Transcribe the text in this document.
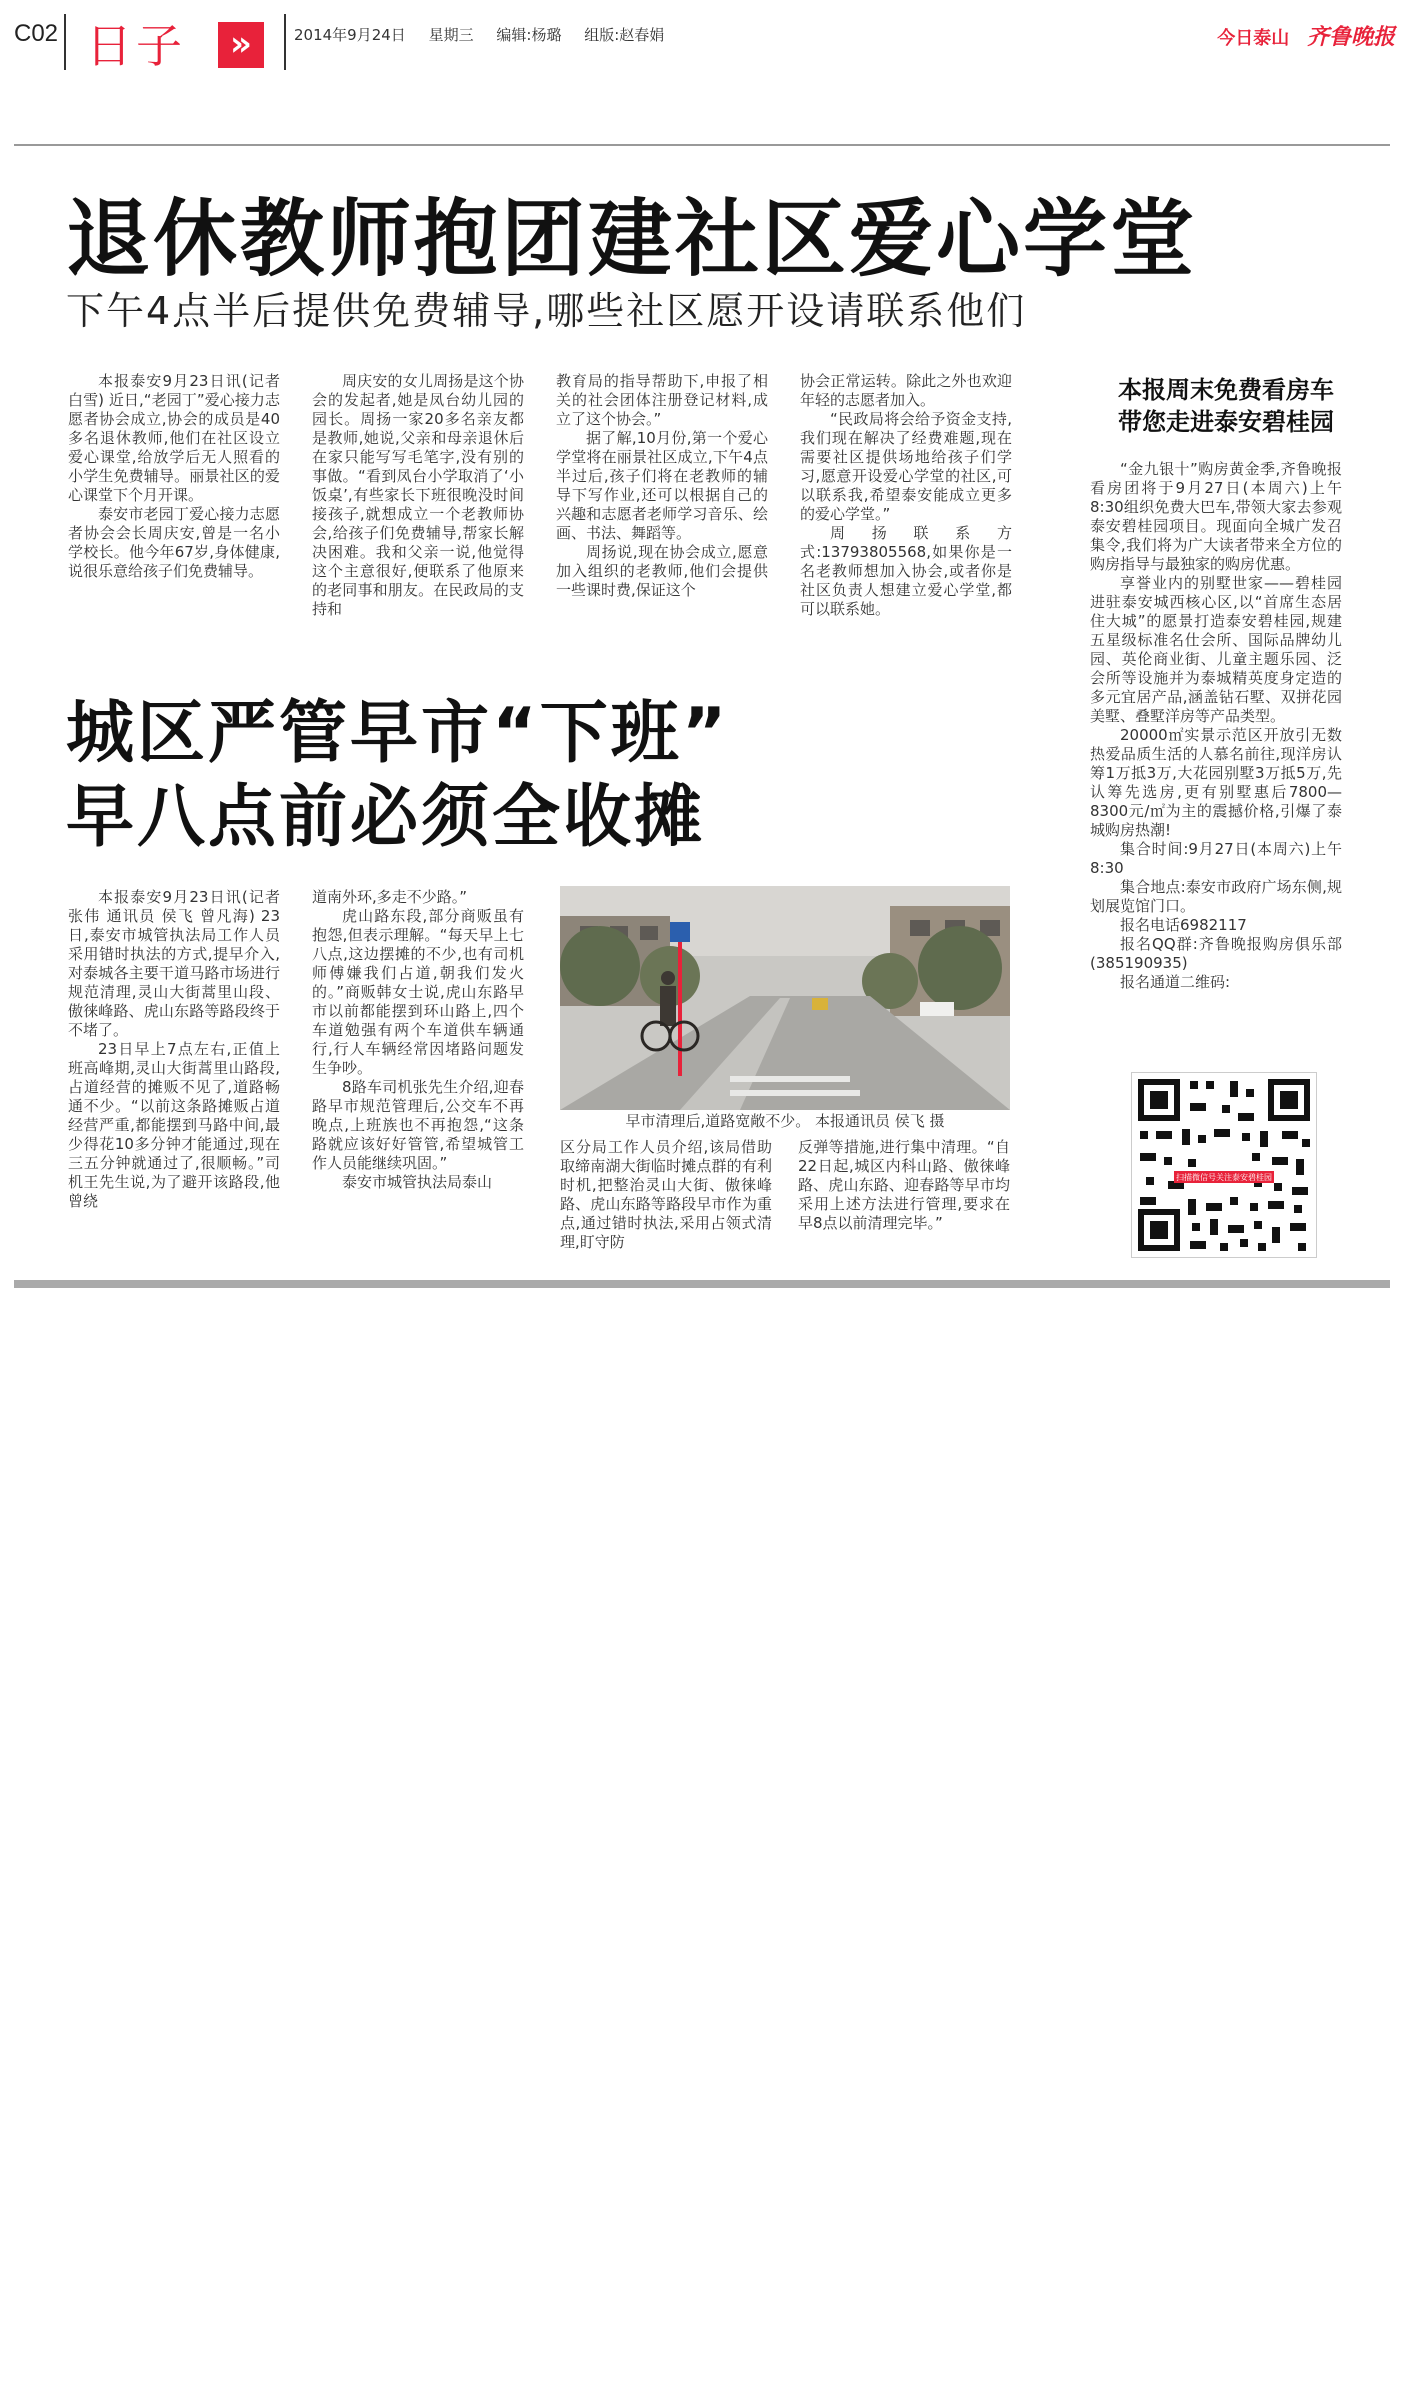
C02 日子	»	2014年9月24日 星期三 编辑:杨璐 组版:赵春娟	今日泰山 齐鲁晚报
退休教师抱团建社区爱心学堂
下午4点半后提供免费辅导,哪些社区愿开设请联系他们

本报泰安9月23日讯(记者 白雪) 近日,“老园丁”爱心接力志愿者协会成立,协会的成员是40多名退休教师,他们在社区设立爱心课堂,给放学后无人照看的小学生免费辅导。丽景社区的爱心课堂下个月开课。

泰安市老园丁爱心接力志愿者协会会长周庆安,曾是一名小学校长。他今年67岁,身体健康,说很乐意给孩子们免费辅导。

周庆安的女儿周扬是这个协会的发起者,她是凤台幼儿园的园长。周扬一家20多名亲友都是教师,她说,父亲和母亲退休后在家只能写写毛笔字,没有别的事做。“看到凤台小学取消了‘小饭桌’,有些家长下班很晚没时间接孩子,就想成立一个老教师协会,给孩子们免费辅导,帮家长解决困难。我和父亲一说,他觉得这个主意很好,便联系了他原来的老同事和朋友。在民政局的支持和

教育局的指导帮助下,申报了相关的社会团体注册登记材料,成立了这个协会。”

据了解,10月份,第一个爱心学堂将在丽景社区成立,下午4点半过后,孩子们将在老教师的辅导下写作业,还可以根据自己的兴趣和志愿者老师学习音乐、绘画、书法、舞蹈等。

周扬说,现在协会成立,愿意加入组织的老教师,他们会提供一些课时费,保证这个

协会正常运转。除此之外也欢迎年轻的志愿者加入。

“民政局将会给予资金支持,我们现在解决了经费难题,现在需要社区提供场地给孩子们学习,愿意开设爱心学堂的社区,可以联系我,希望泰安能成立更多的爱心学堂。”

周扬联系方式:13793805568,如果你是一名老教师想加入协会,或者你是社区负责人想建立爱心学堂,都可以联系她。

城区严管早市“下班”
早八点前必须全收摊

本报泰安9月23日讯(记者 张伟 通讯员 侯飞 曾凡海) 23日,泰安市城管执法局工作人员采用错时执法的方式,提早介入,对泰城各主要干道马路市场进行规范清理,灵山大街蒿里山段、傲徕峰路、虎山东路等路段终于不堵了。

23日早上7点左右,正值上班高峰期,灵山大街蒿里山路段,占道经营的摊贩不见了,道路畅通不少。“以前这条路摊贩占道经营严重,都能摆到马路中间,最少得花10多分钟才能通过,现在三五分钟就通过了,很顺畅。”司机王先生说,为了避开该路段,他曾绕

道南外环,多走不少路。”

虎山路东段,部分商贩虽有抱怨,但表示理解。“每天早上七八点,这边摆摊的不少,也有司机师傅嫌我们占道,朝我们发火的。”商贩韩女士说,虎山东路早市以前都能摆到环山路上,四个车道勉强有两个车道供车辆通行,行人车辆经常因堵路问题发生争吵。

8路车司机张先生介绍,迎春路早市规范管理后,公交车不再晚点,上班族也不再抱怨,“这条路就应该好好管管,希望城管工作人员能继续巩固。”

泰安市城管执法局泰山

早市清理后,道路宽敞不少。 本报通讯员 侯飞 摄

区分局工作人员介绍,该局借助取缔南湖大街临时摊点群的有利时机,把整治灵山大街、傲徕峰路、虎山东路等路段早市作为重点,通过错时执法,采用占领式清理,盯守防

反弹等措施,进行集中清理。“自22日起,城区内科山路、傲徕峰路、虎山东路、迎春路等早市均采用上述方法进行管理,要求在早8点以前清理完毕。”

本报周末免费看房车
带您走进泰安碧桂园

“金九银十”购房黄金季,齐鲁晚报看房团将于9月27日(本周六)上午8:30组织免费大巴车,带领大家去参观泰安碧桂园项目。现面向全城广发召集令,我们将为广大读者带来全方位的购房指导与最独家的购房优惠。

享誉业内的别墅世家——碧桂园进驻泰安城西核心区,以“首席生态居住大城”的愿景打造泰安碧桂园,规建五星级标准名仕会所、国际品牌幼儿园、英伦商业街、儿童主题乐园、泛会所等设施并为泰城精英度身定造的多元宜居产品,涵盖钻石墅、双拼花园美墅、叠墅洋房等产品类型。

20000㎡实景示范区开放引无数热爱品质生活的人慕名前往,现洋房认筹1万抵3万,大花园别墅3万抵5万,先认筹先选房,更有别墅惠后7800—8300元/㎡为主的震撼价格,引爆了泰城购房热潮!

集合时间:9月27日(本周六)上午8:30

集合地点:泰安市政府广场东侧,规划展览馆门口。

报名电话6982117

报名QQ群:齐鲁晚报购房俱乐部(385190935)

报名通道二维码:

扫描微信号关注泰安碧桂园
